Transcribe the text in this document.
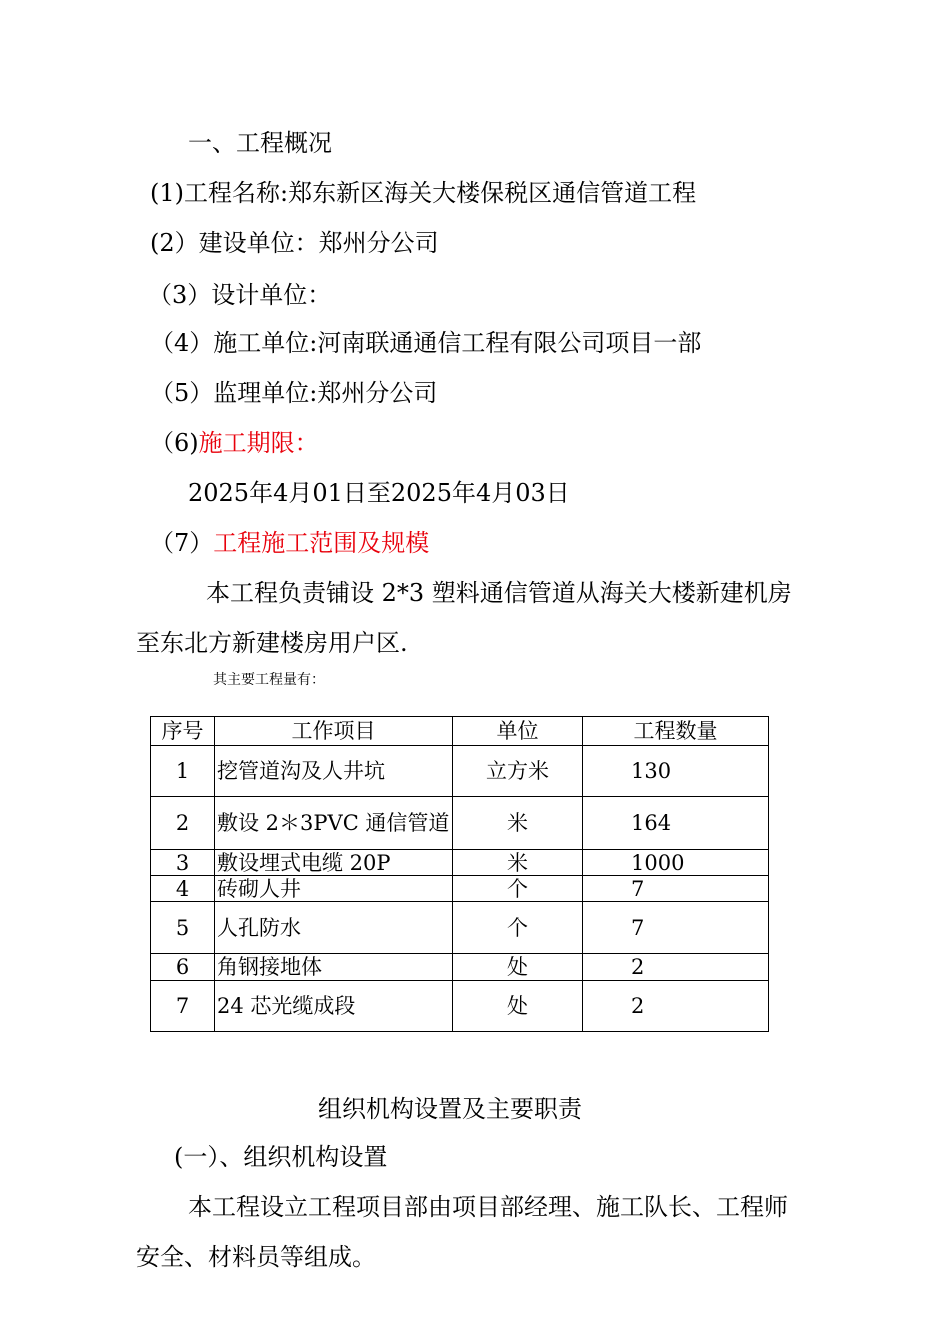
一、工程概况
(1)工程名称:郑东新区海关大楼保税区通信管道工程
(2）建设单位：郑州分公司
（3）设计单位：
（4）施工单位:河南联通通信工程有限公司项目一部
（5）监理单位:郑州分公司
（6)施工期限：
2025年4月01日至2025年4月03日
（7）工程施工范围及规模
本工程负责铺设 2*3 塑料通信管道从海关大楼新建机房
至东北方新建楼房用户区.
其主要工程量有：
序号	工作项目	单位	工程数量
1	挖管道沟及人井坑	立方米	130
2	敷设 2＊3PVC 通信管道	米	164
3	敷设埋式电缆 20P	米	1000
4	砖砌人井	个	7
5	人孔防水	个	7
6	角钢接地体	处	2
7	24 芯光缆成段	处	2
组织机构设置及主要职责
(一）、组织机构设置
本工程设立工程项目部由项目部经理、施工队长、工程师
安全、材料员等组成。
